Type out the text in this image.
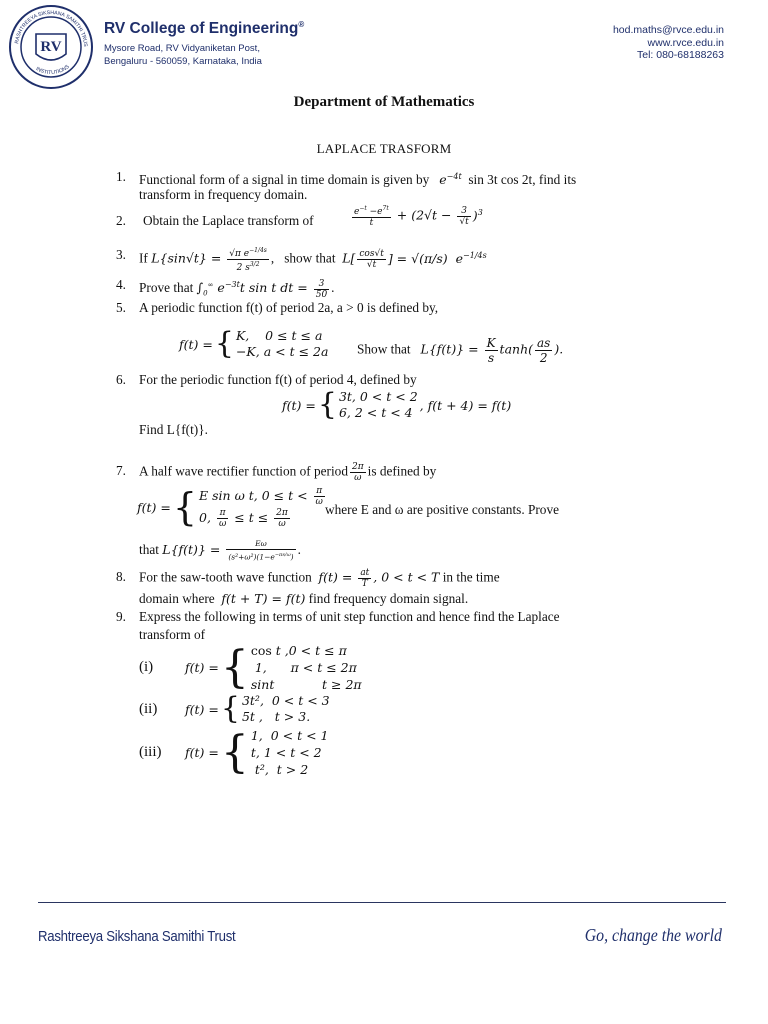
RASHTREEYA SIKSHANA SAMITHI TRUS
INSTITUTIONS
RV
RV College of Engineering®
Mysore Road, RV Vidyaniketan Post,
Bengaluru - 560059, Karnataka, India
hod.maths@rvce.edu.in
www.rvce.edu.in
Tel: 080-68188263
Department of Mathematics
LAPLACE TRASFORM
1. Functional form of a signal in time domain is given by $e^{-4t}$ sin 3t cos 2t, find its
transform in frequency domain.
2. Obtain the Laplace transform of	$\frac{e^{-t} -e^{7t}}{t} + (2√t - \frac{3}{√t} )^3$
3. If $L\{\sin√t\} = \frac{√\pi e^{-1/4s}}{2 s^{3/2}}$ ,   show that $L[ \frac{\cos√t}{√t}$ ] = √(π/s)  $e^{-1/4s}$
4. Prove that $\int_0^\infty$ $e^{-3t}t$ sin t dt = $\frac{3}{50}$ .
5. A periodic function f(t) of period 2a, a > 0 is defined by,
f(t) =	{	K,    0 ≤ t ≤ a
−K, a < t ≤ 2a Show that $L\{f(t)\} = \frac{K}{s} \tanh( \frac{as}{2}$ ).
6. For the periodic function f(t) of period 4, defined by
f(t) =	{	3t, 0 < t < 2
6, 2 < t < 4	, f(t + 4) = f(t)
Find L{f(t)}.
7. A half wave rectifier function of period $\frac{2\pi}{\omega}$ is defined by
f(t) =	{	E sin ω t, $0 \le t < \frac{\pi}{\omega}$

0, $\frac{\pi}{\omega} \le t \le \frac{2\pi}{\omega}$	where E and ω are positive constants. Prove
that $L\{f(t)\} = \frac{E\omega}{(s^2+\omega^2)(1-e^{-\pi s/\omega})}$ .
8. For the saw-tooth wave function $f(t) = \frac{at}{T}$ , 0 < t < T in the time
domain where f(t + T) = f(t) find frequency domain signal.
9. Express the following in terms of unit step function and hence find the Laplace
transform of
(i)	f(t) =	{	cos t ,0 < t ≤ π
1,      π < t ≤ 2π
sint            t ≥ 2π
(ii) f(t) =	{	3t²,  0 < t < 3
5t ,   t > 3.
(iii) f(t) =	{	1,  0 < t < 1
t, 1 < t < 2
t²,  t > 2
Rashtreeya Sikshana Samithi Trust	Go, change the world
